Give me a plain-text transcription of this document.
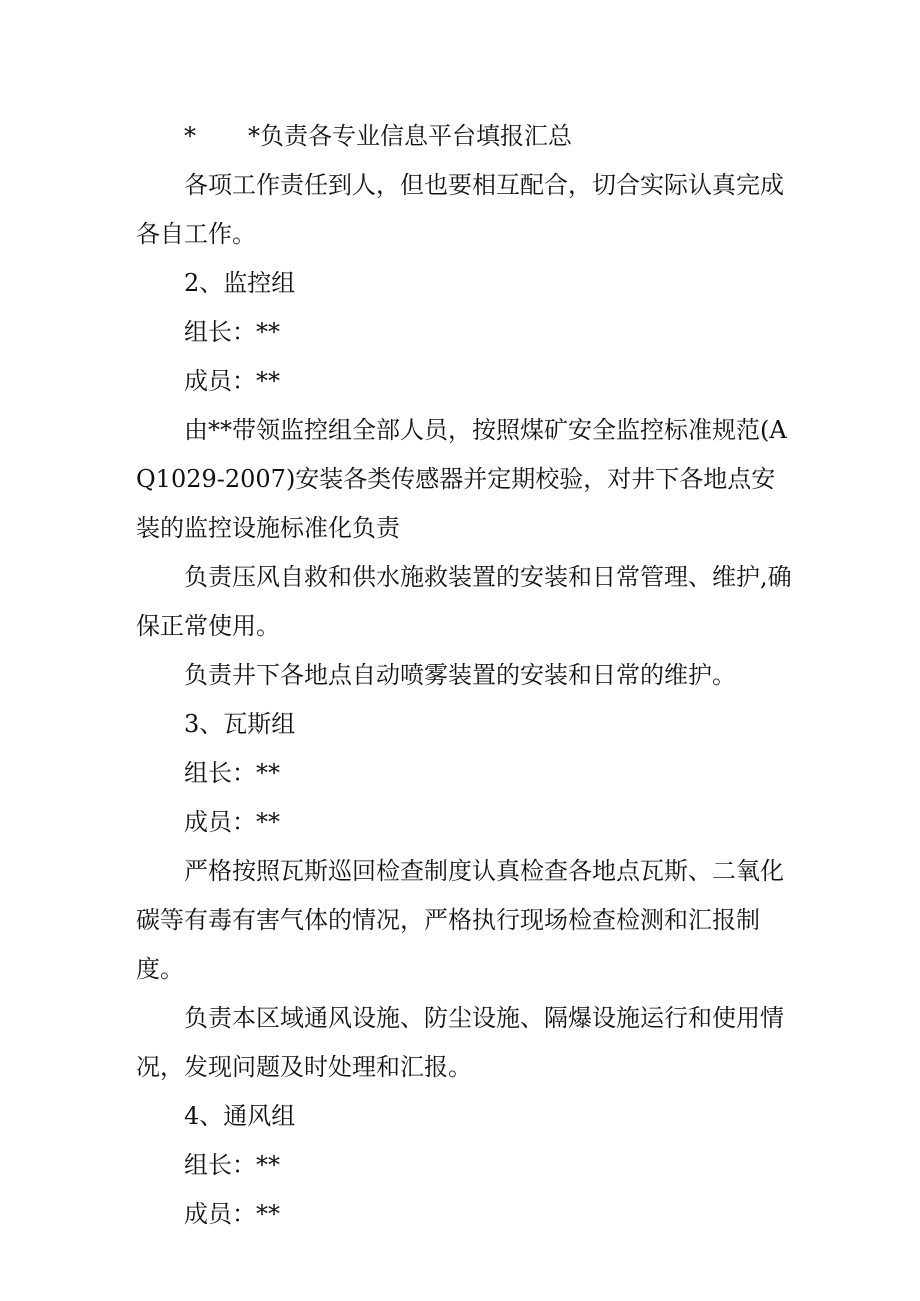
* *负责各专业信息平台填报汇总

各项工作责任到人，但也要相互配合，切合实际认真完成各自工作。

2、监控组

组长：**

成员：**

由**带领监控组全部人员，按照煤矿安全监控标准规范(AQ1029-2007)安装各类传感器并定期校验，对井下各地点安装的监控设施标准化负责

负责压风自救和供水施救装置的安装和日常管理、维护,确保正常使用。

负责井下各地点自动喷雾装置的安装和日常的维护。

3、瓦斯组

组长：**

成员：**

严格按照瓦斯巡回检查制度认真检查各地点瓦斯、二氧化碳等有毒有害气体的情况，严格执行现场检查检测和汇报制度。

负责本区域通风设施、防尘设施、隔爆设施运行和使用情况，发现问题及时处理和汇报。

4、通风组

组长：**

成员：**
